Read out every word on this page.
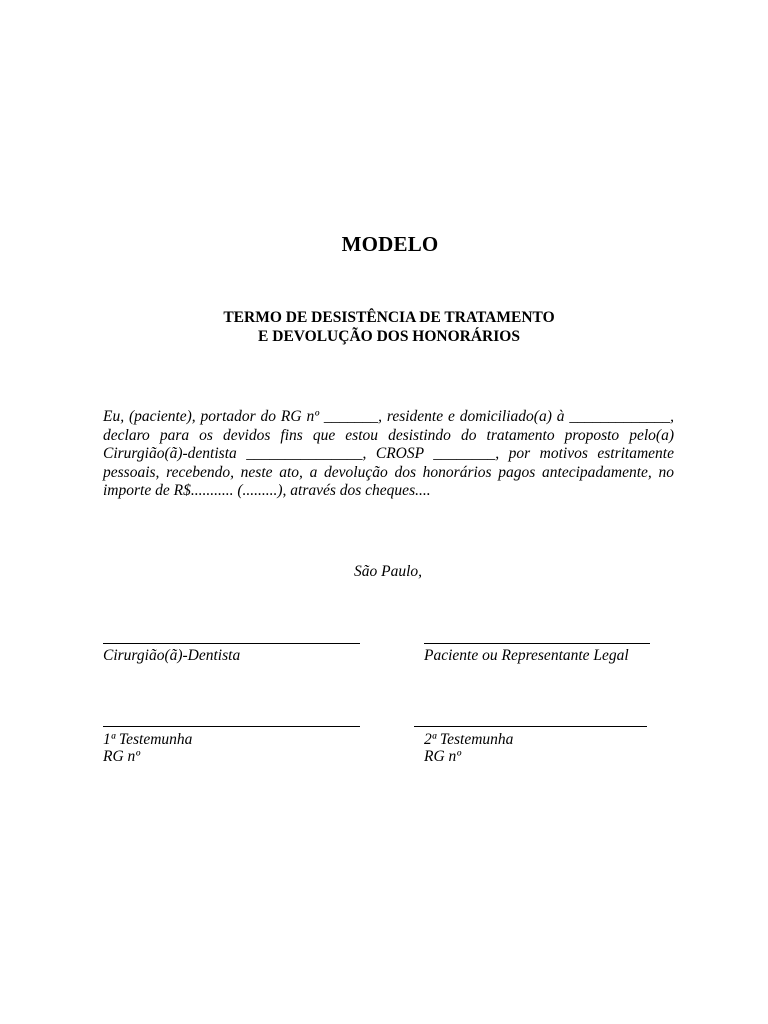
MODELO
TERMO DE DESISTÊNCIA DE TRATAMENTO
E DEVOLUÇÃO DOS HONORÁRIOS
Eu, (paciente), portador do RG nº _______, residente e domiciliado(a) à _____________,
declaro para os devidos fins que estou desistindo do tratamento proposto pelo(a)
Cirurgião(ã)-dentista _______________, CROSP ________, por motivos estritamente
pessoais, recebendo, neste ato, a devolução dos honorários pagos antecipadamente, no
importe de R$........... (.........), através dos cheques....
São Paulo,
Cirurgião(ã)-Dentista	Paciente ou Representante Legal
1ª Testemunha
RG nº
2ª Testemunha
RG nº
